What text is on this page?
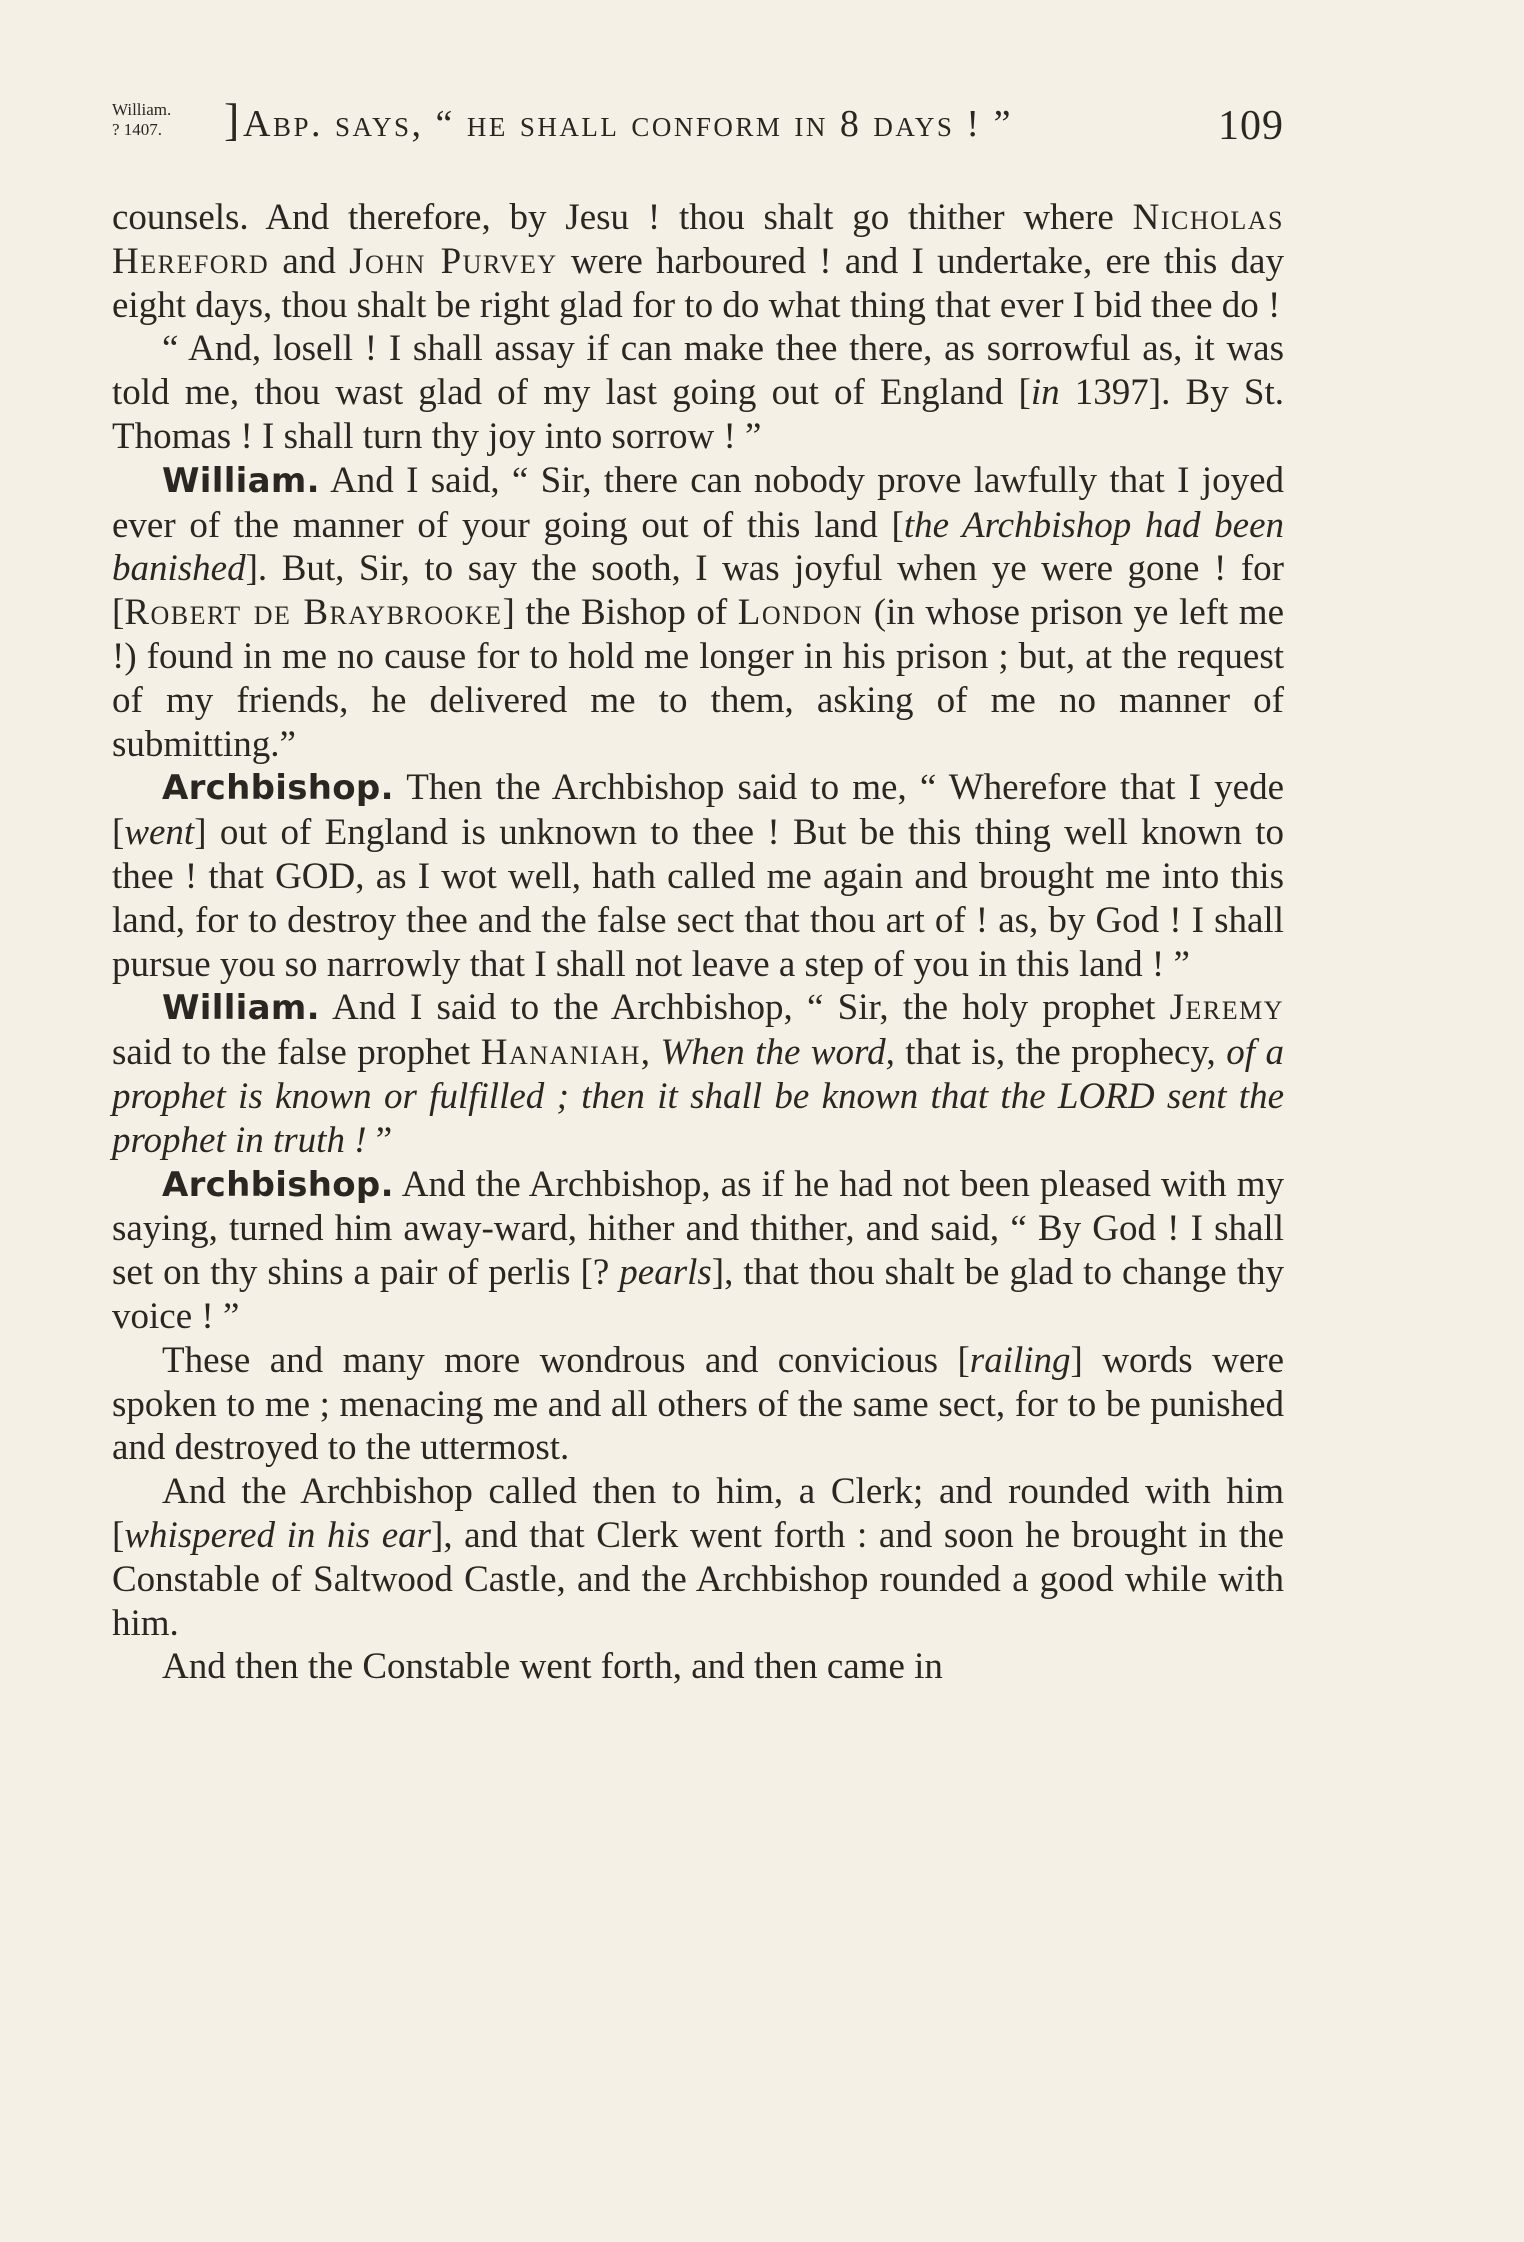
William.
? 1407.	] Abp. says, “ he shall conform in 8 days ! ”	109

counsels. And therefore, by Jesu ! thou shalt go thither where Nicholas Hereford and John Purvey were harboured ! and I undertake, ere this day eight days, thou shalt be right glad for to do what thing that ever I bid thee do !

“ And, losell ! I shall assay if can make thee there, as sorrowful as, it was told me, thou wast glad of my last going out of England [in 1397]. By St. Thomas ! I shall turn thy joy into sorrow ! ”

William. And I said, “ Sir, there can nobody prove lawfully that I joyed ever of the manner of your going out of this land [the Archbishop had been banished]. But, Sir, to say the sooth, I was joyful when ye were gone ! for [Robert de Braybrooke] the Bishop of London (in whose prison ye left me !) found in me no cause for to hold me longer in his prison ; but, at the request of my friends, he delivered me to them, asking of me no manner of submitting.”

Archbishop. Then the Archbishop said to me, “ Wherefore that I yede [went] out of England is unknown to thee ! But be this thing well known to thee ! that GOD, as I wot well, hath called me again and brought me into this land, for to destroy thee and the false sect that thou art of ! as, by God ! I shall pursue you so narrowly that I shall not leave a step of you in this land ! ”

William. And I said to the Archbishop, “ Sir, the holy prophet Jeremy said to the false prophet Hananiah, When the word, that is, the prophecy, of a prophet is known or fulfilled ; then it shall be known that the LORD sent the prophet in truth ! ”

Archbishop. And the Archbishop, as if he had not been pleased with my saying, turned him away-ward, hither and thither, and said, “ By God ! I shall set on thy shins a pair of perlis [? pearls], that thou shalt be glad to change thy voice ! ”

These and many more wondrous and convicious [railing] words were spoken to me ; menacing me and all others of the same sect, for to be punished and destroyed to the uttermost.

And the Archbishop called then to him, a Clerk; and rounded with him [whispered in his ear], and that Clerk went forth : and soon he brought in the Constable of Saltwood Castle, and the Archbishop rounded a good while with him.

And then the Constable went forth, and then came in
